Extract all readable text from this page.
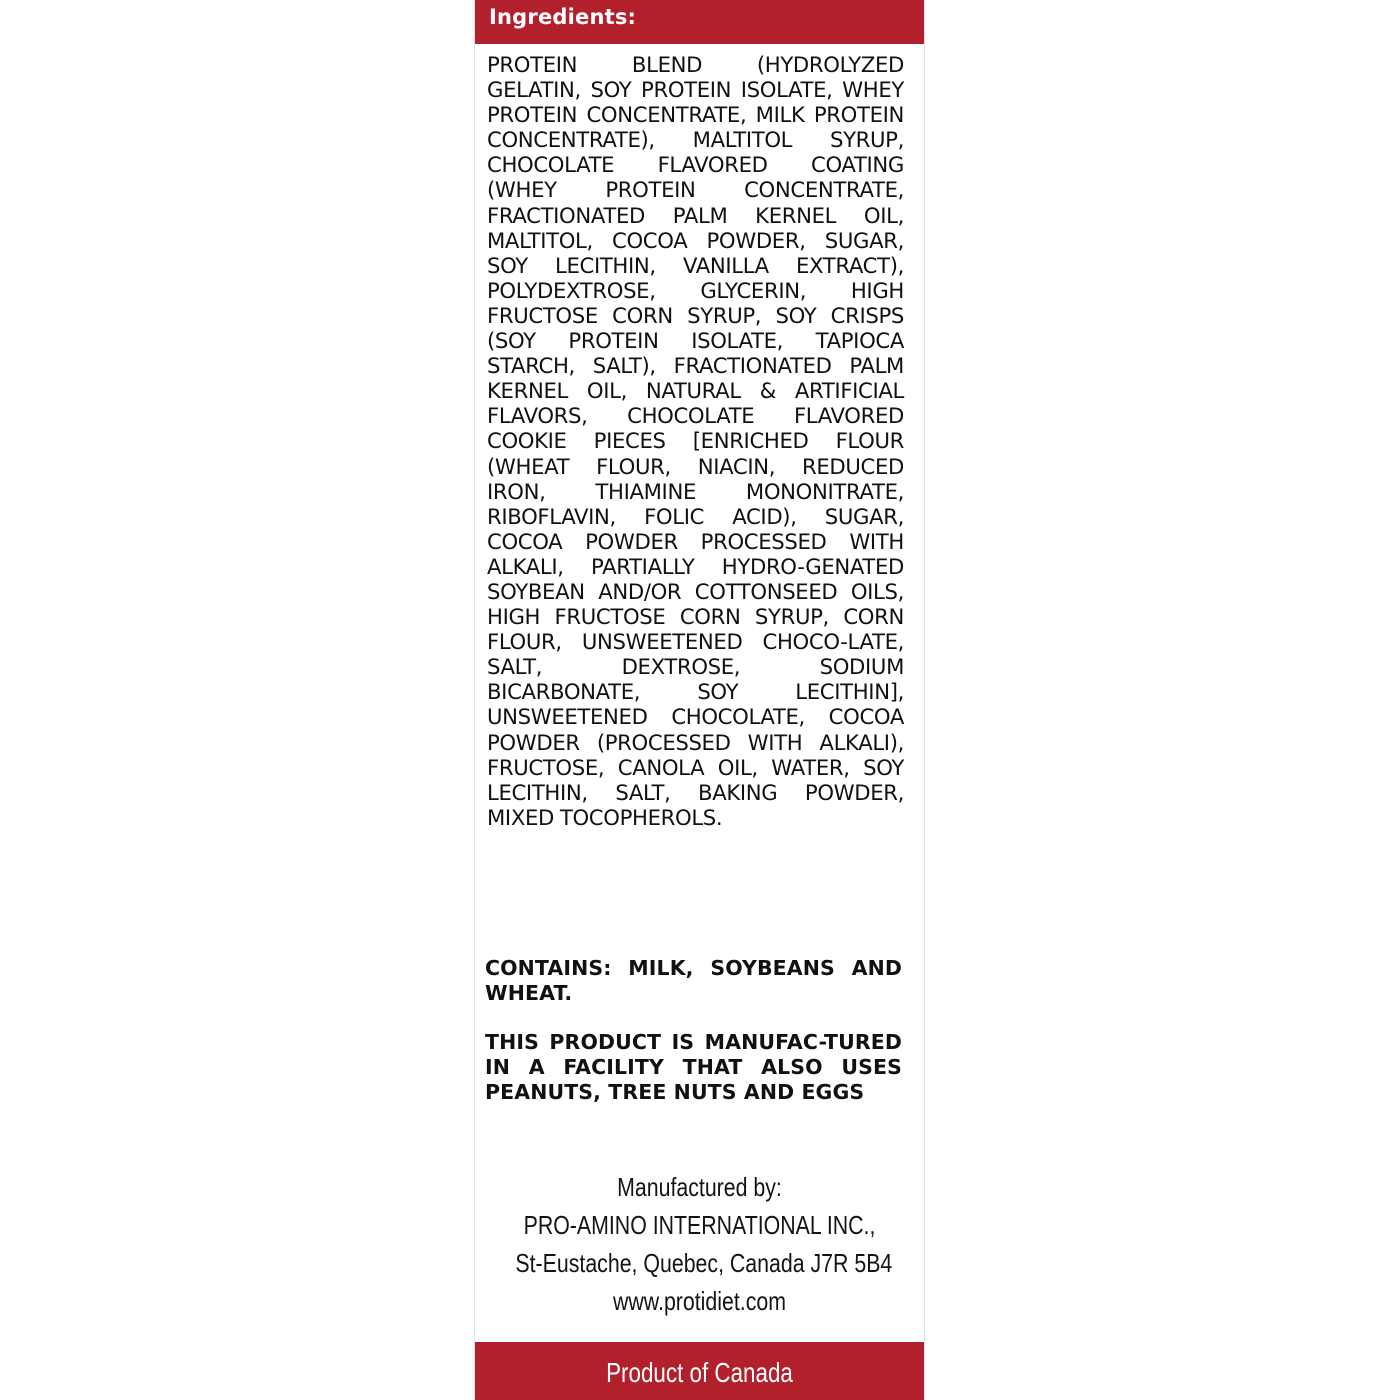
Ingredients:

PROTEIN BLEND (HYDROLYZED GELATIN, SOY PROTEIN ISOLATE, WHEY PROTEIN CONCENTRATE, MILK PROTEIN CONCENTRATE), MALTITOL SYRUP, CHOCOLATE FLAVORED COATING (WHEY PROTEIN CONCENTRATE, FRACTIONATED PALM KERNEL OIL, MALTITOL, COCOA POWDER, SUGAR, SOY LECITHIN, VANILLA EXTRACT), POLYDEXTROSE, GLYCERIN, HIGH FRUCTOSE CORN SYRUP, SOY CRISPS (SOY PROTEIN ISOLATE, TAPIOCA STARCH, SALT), FRACTIONATED PALM KERNEL OIL, NATURAL & ARTIFICIAL FLAVORS, CHOCOLATE FLAVORED COOKIE PIECES [ENRICHED FLOUR (WHEAT FLOUR, NIACIN, REDUCED IRON, THIAMINE MONONITRATE, RIBOFLAVIN, FOLIC ACID), SUGAR, COCOA POWDER PROCESSED WITH ALKALI, PARTIALLY HYDRO-GENATED SOYBEAN AND/OR COTTONSEED OILS, HIGH FRUCTOSE CORN SYRUP, CORN FLOUR, UNSWEETENED CHOCO-LATE, SALT, DEXTROSE, SODIUM BICARBONATE, SOY LECITHIN], UNSWEETENED CHOCOLATE, COCOA POWDER (PROCESSED WITH ALKALI), FRUCTOSE, CANOLA OIL, WATER, SOY LECITHIN, SALT, BAKING POWDER, MIXED TOCOPHEROLS.

CONTAINS: MILK, SOYBEANS AND WHEAT.

THIS PRODUCT IS MANUFAC-TURED IN A FACILITY THAT ALSO USES PEANUTS, TREE NUTS AND EGGS

Manufactured by:
PRO-AMINO INTERNATIONAL INC.,
St-Eustache, Quebec, Canada J7R 5B4
www.protidiet.com
Product of Canada
